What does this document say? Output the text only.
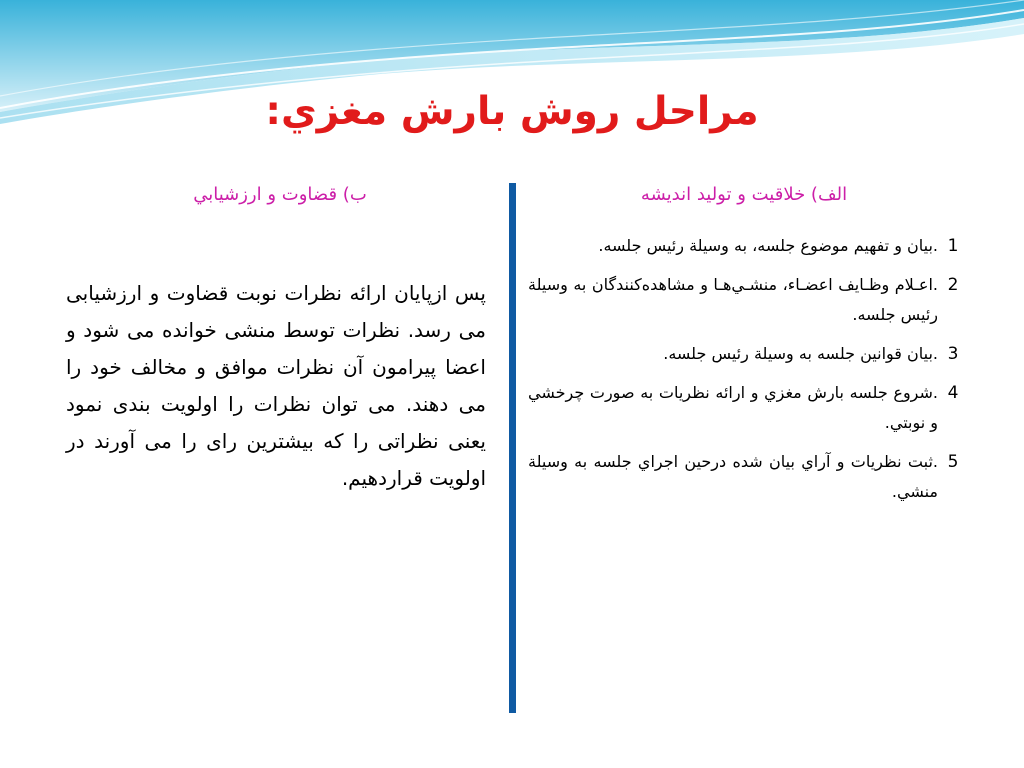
مراحل روش بارش مغزي:
الف) خلاقيت و توليد انديشه
ب) قضاوت و ارزشيابي
1
.بيان و تفهيم موضوع جلسه، به وسيلة رئيس جلسه.
2
.اعـلام وظـايف اعضـاء، منشـي‌هـا و مشاهده‌کنندگان به وسيلة رئيس جلسه.
3
.بيان قوانين جلسه به وسيلة رئيس جلسه.
4
.شروع جلسه بارش مغزي و ارائه نظريات به صورت چرخشي و نوبتي.
5
.ثبت نظريات و آراي بيان شده درحين اجراي جلسه به وسيلة منشي.

پس ازپایان ارائه نظرات نوبت قضاوت و ارزشیابی می رسد. نظرات توسط منشی خوانده می شود و اعضا پیرامون آن نظرات موافق و مخالف خود را می دهند. می توان نظرات را اولویت بندی نمود یعنی نظراتی را که بیشترین رای را می آورند در اولویت قراردهیم.
